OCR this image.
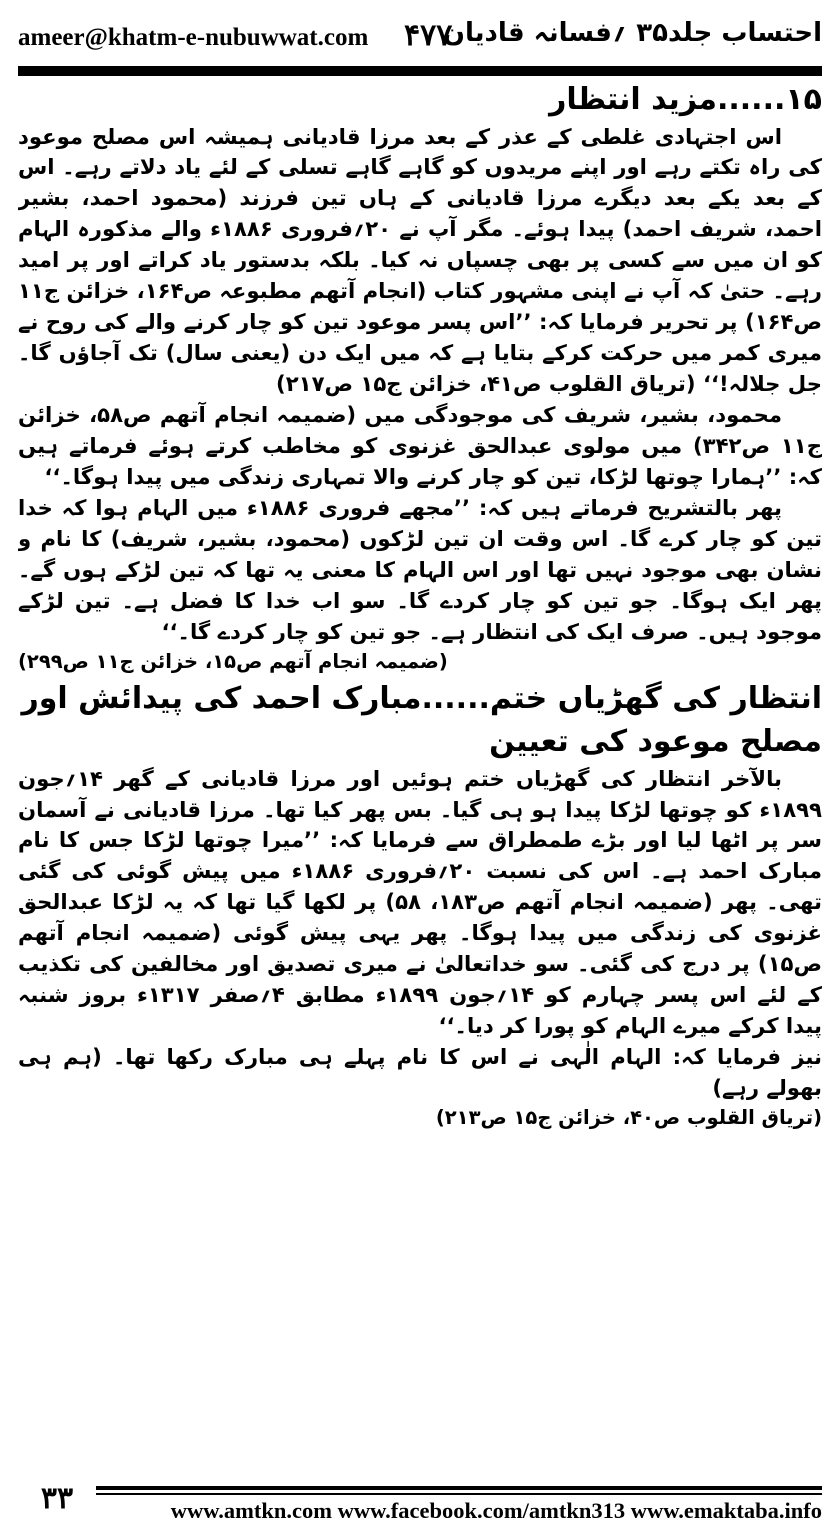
ameer@khatm-e-nubuwwat.com ۴۷۷
احتساب جلد۳۵ ؍فسانہ قادیان
۱۵......مزید انتظار

اس اجتہادی غلطی کے عذر کے بعد مرزا قادیانی ہمیشہ اس مصلح موعود کی راہ تکتے رہے اور اپنے مریدوں کو گاہے گاہے تسلی کے لئے یاد دلاتے رہے۔ اس کے بعد یکے بعد دیگرے مرزا قادیانی کے ہاں تین فرزند (محمود احمد، بشیر احمد، شریف احمد) پیدا ہوئے۔ مگر آپ نے ۲۰؍فروری ۱۸۸۶ء والے مذکورہ الہام کو ان میں سے کسی پر بھی چسپاں نہ کیا۔ بلکہ بدستور یاد کراتے اور پر امید رہے۔ حتیٰ کہ آپ نے اپنی مشہور کتاب (انجام آتھم مطبوعہ ص۱۶۴، خزائن ج۱۱ ص۱۶۴) پر تحریر فرمایا کہ: ’’اس پسر موعود تین کو چار کرنے والے کی روح نے میری کمر میں حرکت کرکے بتایا ہے کہ میں ایک دن (یعنی سال) تک آجاؤں گا۔ جل جلالہ!‘‘ (تریاق القلوب ص۴۱، خزائن ج۱۵ ص۲۱۷)

محمود، بشیر، شریف کی موجودگی میں (ضمیمہ انجام آتھم ص۵۸، خزائن ج۱۱ ص۳۴۲) میں مولوی عبدالحق غزنوی کو مخاطب کرتے ہوئے فرماتے ہیں کہ: ’’ہمارا چوتھا لڑکا، تین کو چار کرنے والا تمہاری زندگی میں پیدا ہوگا۔‘‘

پھر بالتشریح فرماتے ہیں کہ: ’’مجھے فروری ۱۸۸۶ء میں الہام ہوا کہ خدا تین کو چار کرے گا۔ اس وقت ان تین لڑکوں (محمود، بشیر، شریف) کا نام و نشان بھی موجود نہیں تھا اور اس الہام کا معنی یہ تھا کہ تین لڑکے ہوں گے۔ پھر ایک ہوگا۔ جو تین کو چار کردے گا۔ سو اب خدا کا فضل ہے۔ تین لڑکے موجود ہیں۔ صرف ایک کی انتظار ہے۔ جو تین کو چار کردے گا۔‘‘

(ضمیمہ انجام آتھم ص۱۵، خزائن ج۱۱ ص۲۹۹)

انتظار کی گھڑیاں ختم......مبارک احمد کی پیدائش اور مصلح موعود کی تعیین

بالآخر انتظار کی گھڑیاں ختم ہوئیں اور مرزا قادیانی کے گھر ۱۴؍جون ۱۸۹۹ء کو چوتھا لڑکا پیدا ہو ہی گیا۔ بس پھر کیا تھا۔ مرزا قادیانی نے آسمان سر پر اٹھا لیا اور بڑے طمطراق سے فرمایا کہ: ’’میرا چوتھا لڑکا جس کا نام مبارک احمد ہے۔ اس کی نسبت ۲۰؍فروری ۱۸۸۶ء میں پیش گوئی کی گئی تھی۔ پھر (ضمیمہ انجام آتھم ص۱۸۳، ۵۸) پر لکھا گیا تھا کہ یہ لڑکا عبدالحق غزنوی کی زندگی میں پیدا ہوگا۔ پھر یہی پیش گوئی (ضمیمہ انجام آتھم ص۱۵) پر درج کی گئی۔ سو خداتعالیٰ نے میری تصدیق اور مخالفین کی تکذیب کے لئے اس پسر چہارم کو ۱۴؍جون ۱۸۹۹ء مطابق ۴؍صفر ۱۳۱۷ء بروز شنبہ پیدا کرکے میرے الہام کو پورا کر دیا۔‘‘

نیز فرمایا کہ: الہام الٰہی نے اس کا نام پہلے ہی مبارک رکھا تھا۔ (ہم ہی بھولے رہے)

(تریاق القلوب ص۴۰، خزائن ج۱۵ ص۲۱۳)

۳۳	www.amtkn.com www.facebook.com/amtkn313 www.emaktaba.info
